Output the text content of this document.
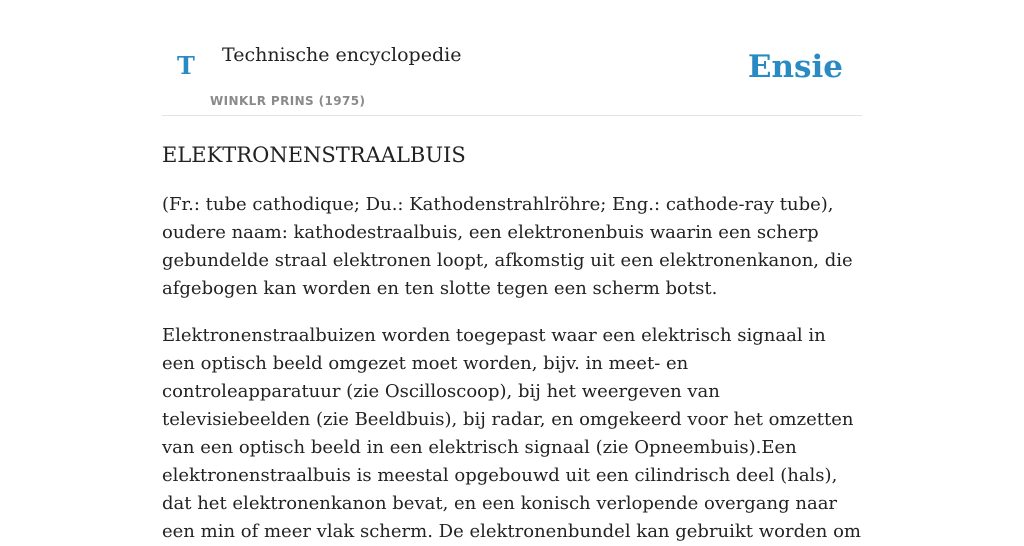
T Technische encyclopedie
WINKLR PRINS (1975)
Ensie
ELEKTRONENSTRAALBUIS

(Fr.: tube cathodique; Du.: Kathodenstrahlröhre; Eng.: cathode-ray tube), oudere naam: kathodestraalbuis, een elektronenbuis waarin een scherp gebundelde straal elektronen loopt, afkomstig uit een elektronenkanon, die afgebogen kan worden en ten slotte tegen een scherm botst.

Elektronenstraalbuizen worden toegepast waar een elektrisch signaal in een optisch beeld omgezet moet worden, bijv. in meet- en controleapparatuur (zie Oscilloscoop), bij het weergeven van televisiebeelden (zie Beeldbuis), bij radar, en omgekeerd voor het omzetten van een optisch beeld in een elektrisch signaal (zie Opneembuis).Een elektronenstraalbuis is meestal opgebouwd uit een cilindrisch deel (hals), dat het elektronenkanon bevat, en een konisch verlopende overgang naar een min of meer vlak scherm. De elektronenbundel kan gebruikt worden om
